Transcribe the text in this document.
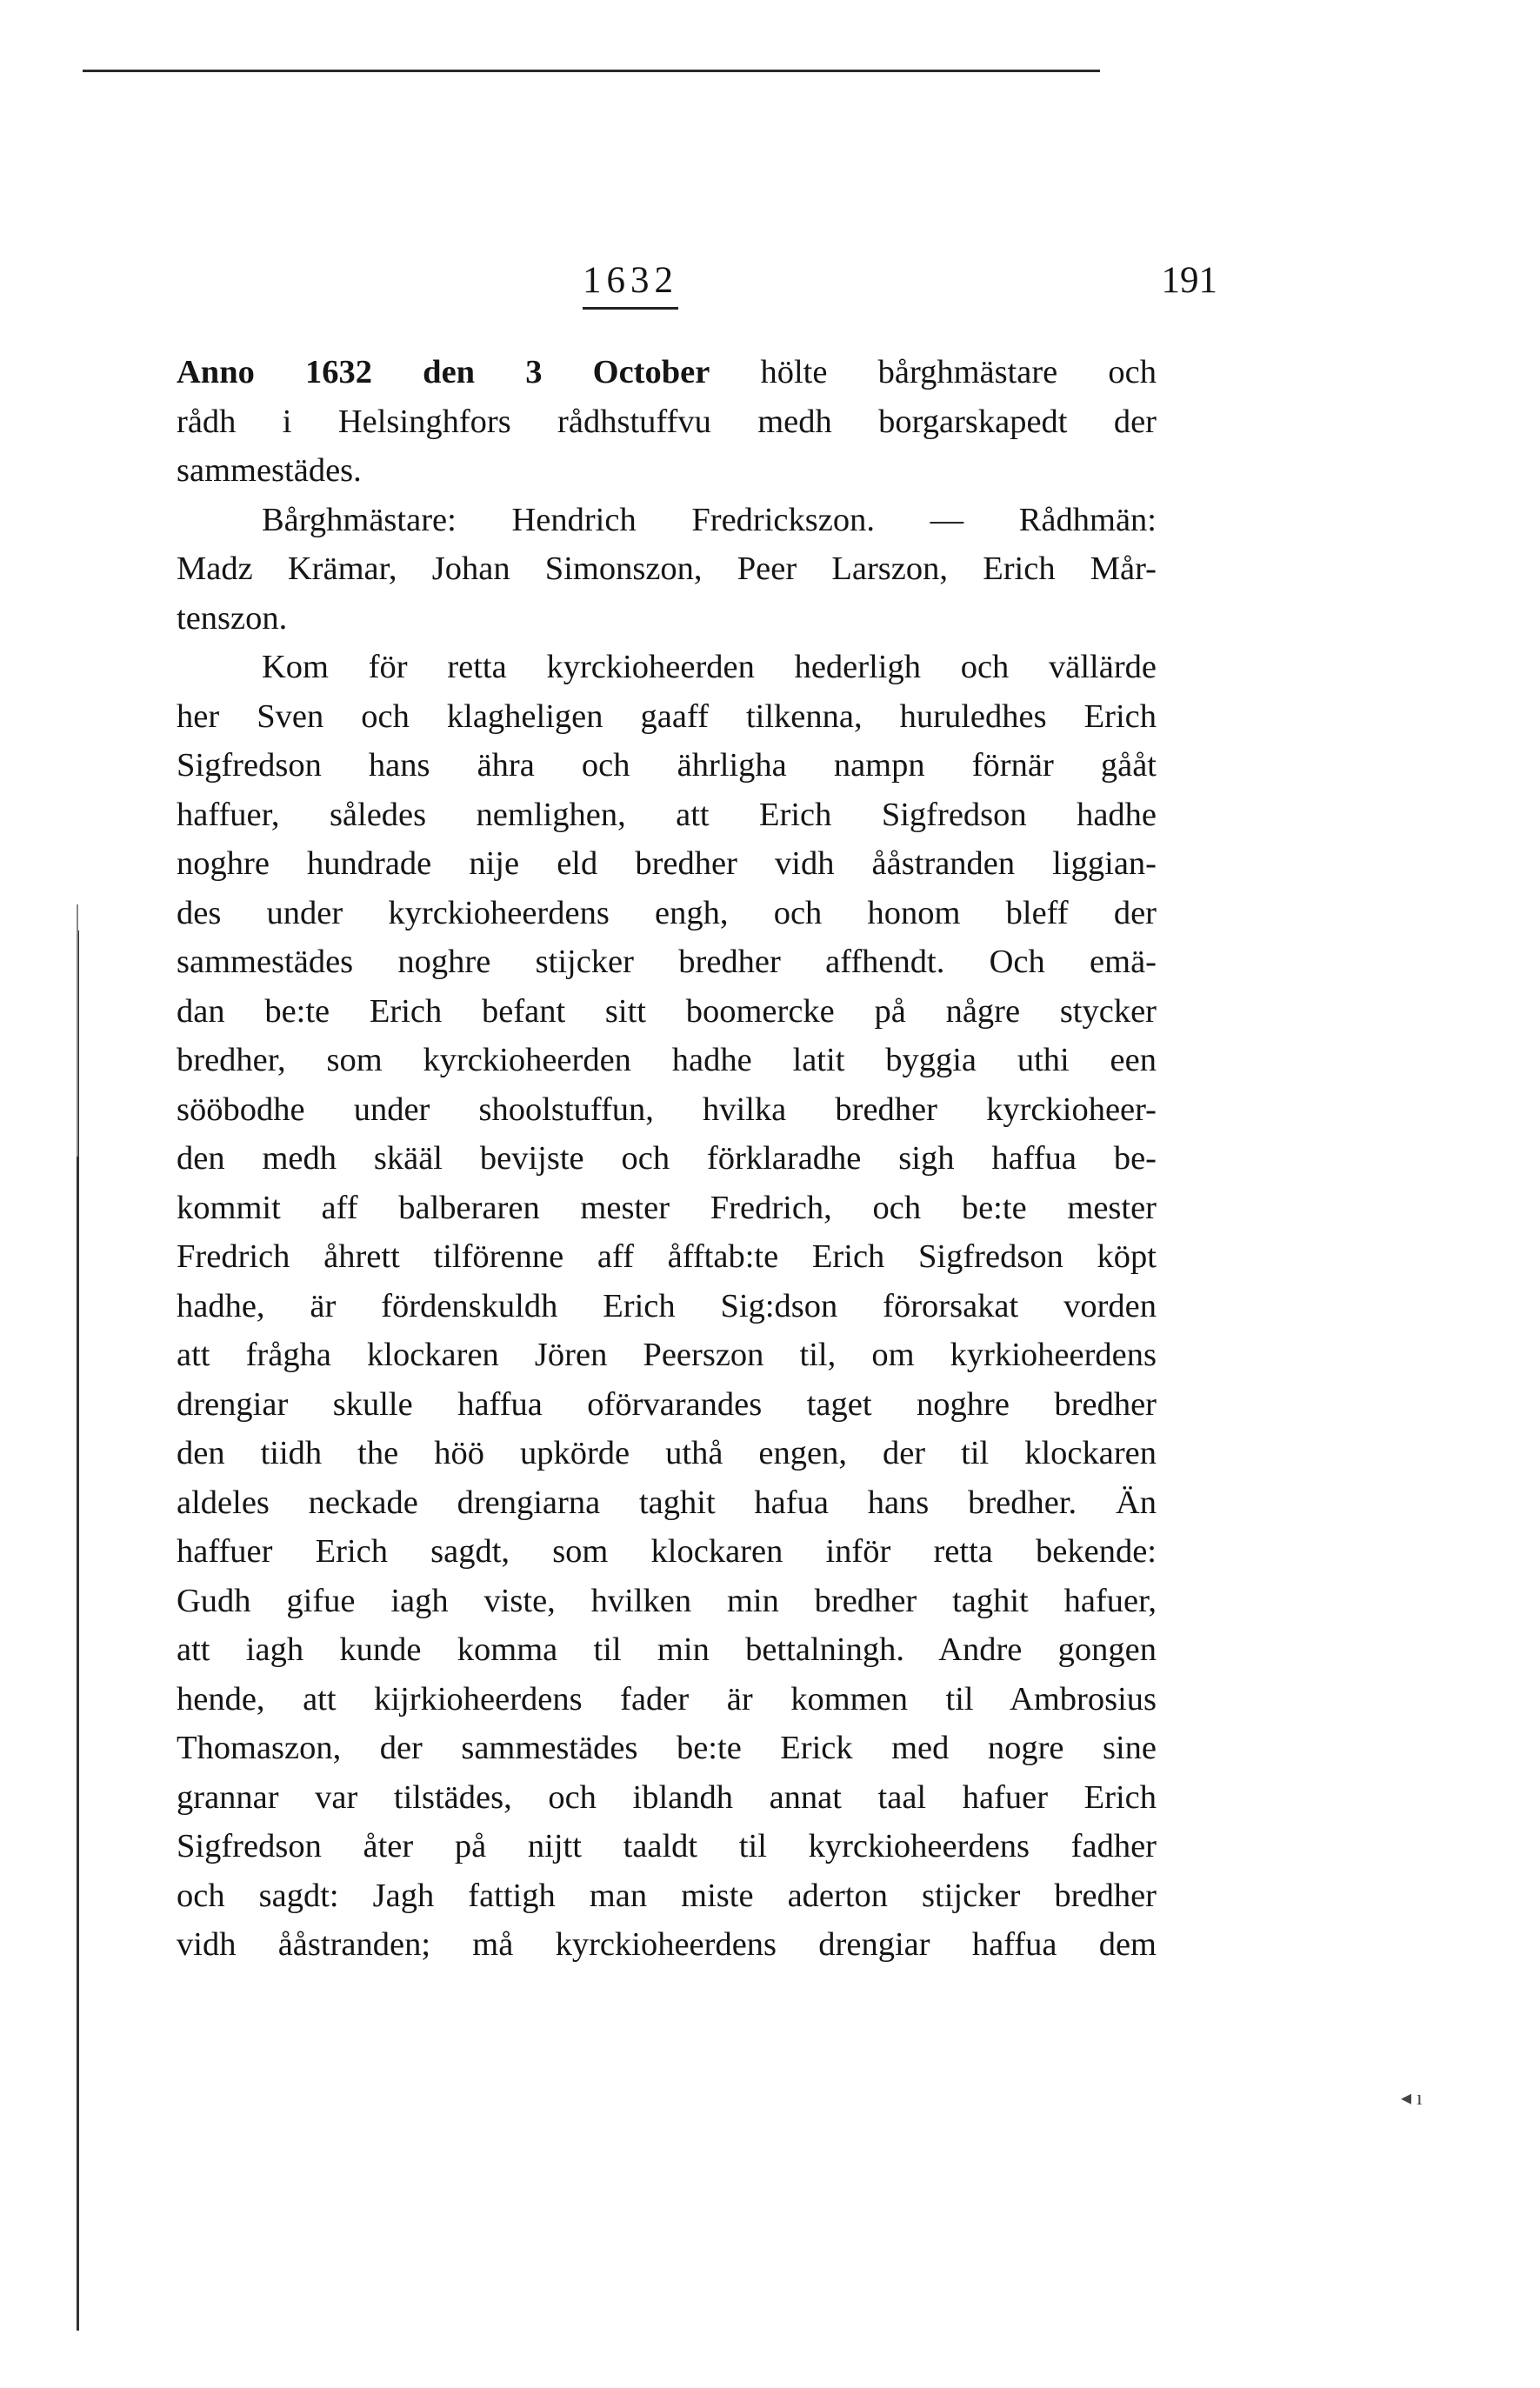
1632	191
Anno 1632 den 3 October hölte bårghmästare och
rådh i Helsinghfors rådhstuffvu medh borgarskapedt der
sammestädes.
Bårghmästare: Hendrich Fredrickszon. — Rådhmän:
Madz Krämar, Johan Simonszon, Peer Larszon, Erich Mår-
tenszon.
Kom för retta kyrckioheerden hederligh och vällärde
her Sven och klagheligen gaaff tilkenna, huruledhes Erich
Sigfredson hans ähra och ährligha nampn förnär gååt
haffuer, således nemlighen, att Erich Sigfredson hadhe
noghre hundrade nije eld bredher vidh ååstranden liggian-
des under kyrckioheerdens engh, och honom bleff der
sammestädes noghre stijcker bredher affhendt. Och emä-
dan be:te Erich befant sitt boomercke på någre stycker
bredher, som kyrckioheerden hadhe latit byggia uthi een
sööbodhe under shoolstuffun, hvilka bredher kyrckioheer-
den medh skääl bevijste och förklaradhe sigh haffua be-
kommit aff balberaren mester Fredrich, och be:te mester
Fredrich åhrett tilförenne aff åfftab:te Erich Sigfredson köpt
hadhe, är fördenskuldh Erich Sig:dson förorsakat vorden
att frågha klockaren Jören Peerszon til, om kyrkioheerdens
drengiar skulle haffua oförvarandes taget noghre bredher
den tiidh the höö upkörde uthå engen, der til klockaren
aldeles neckade drengiarna taghit hafua hans bredher. Än
haffuer Erich sagdt, som klockaren inför retta bekende:
Gudh gifue iagh viste, hvilken min bredher taghit hafuer,
att iagh kunde komma til min bettalningh. Andre gongen
hende, att kijrkioheerdens fader är kommen til Ambrosius
Thomaszon, der sammestädes be:te Erick med nogre sine
grannar var tilstädes, och iblandh annat taal hafuer Erich
Sigfredson åter på nijtt taaldt til kyrckioheerdens fadher
och sagdt: Jagh fattigh man miste aderton stijcker bredher
vidh ååstranden; må kyrckioheerdens drengiar haffua dem
◂ ı
